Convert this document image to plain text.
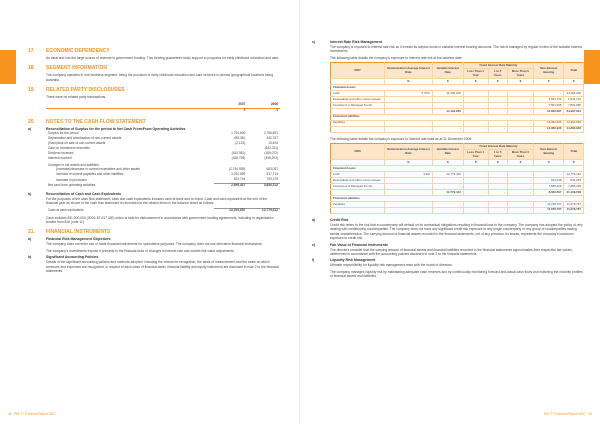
17.	ECONOMIC DEPENDENCY
An ideal and into the large source of revenue is government funding. This funding guarantees study support to programs for early childhood education and care.
18.	SEGMENT INFORMATION
The company operates in one business segment, being the provision of early childhood education and care services in diverse geographical locations being Australia.
19.	RELATED PARTY DISCLOSURES
There were no related party transactions.
	2007	2006
	$	$
20.	NOTES TO THE CASH FLOW STATEMENT
a)	Reconciliation of Surplus for the period to Net Cash From/From Operating Activities
Surplus for the period	1,794,600	2,766,891
Depreciation and amortisation of non-current assets	495,361	442,767
(Gain)/loss on sale of non-current assets	(2,123)	15,494
Gain on investment securities	-	(542,311)
Dividend received	(610,981)	(165,072)
Interest received	(428,795)	(398,203)
Changes in net assets and liabilities		
(Increase)/decrease in current receivables and other assets	(2,744,935)	663,057
Increase in current payables and other liabilities	3,242,899	817,714
Increase in provisions	623,744	709,375
Net cash from operating activities	2,659,427	3,840,212
b)	Reconciliation of Cash and Cash Equivalents
For the purposes of the cash flow statement, cash and cash equivalents includes cash at bank and on hand. Cash and cash equivalent at the end of the financial year as shown in the cash flow statement is reconciled to the related items in the balance sheet as follows:
Cash at cash equivalents	14,194,200	12,779,412
Cash includes $11,000,000 (2006: $7,617,420) which is held for disbursement in accordance with government funding agreements, including in organisation funded from $16 (note 11).
21.	FINANCIAL INSTRUMENTS
a)	Financial Risk Management Objectives
The company does not enter into or trade financial instruments for speculative purposes. The company does not use derivative financial instruments.
The company's investments expose it primarily to the financial risks of changes in interest rate and market risk value adjustments.
b)	Significant Accounting Policies
Details of the significant accounting policies and methods adopted, including the criteria for recognition, the basis of measurement and the basis on which revenues and expenses are recognised, in respect of each class of financial asset, financial liability and equity instrument are disclosed in note 2 to the financial statements.
34 RIS·T'i P Annual Report 2007
c)	Interest Rate Risk Management
The company is exposed to interest rate risk as it invests its surplus funds in variable interest bearing accounts. The risk is managed by regular review of the suitable interest investments.
The following table details the company's exposure to interest rate risk at the balance date:
2007	Remuneration Average Interest Rate	Variable Interest Rate	Fixed Interest Rate Maturity			Non-Interest Bearing	Total
			Less Than 1 Year	1 to 5 Years	More Than 5 Years		
	%	$	$	$	$	$	$
Financial Assets							
Cash	6.37%	14,194,200	-	-	-	-	14,194,200
Receivables and other current assets	-	-	-	-	-	2,941,722	2,941,722
Investment in Managed Funds	-	-	-	-	-	7,861,665	7,861,665
		14,194,200	-	-	-	10,803,387	24,997,601
Financial Liabilities							
Payables	-	-	-	-	-	14,362,946	14,362,946
		-	-	-	-	14,362,946	14,362,946
The following table details the company's exposure to interest rate risks as at 31 December 2006:
2006	Remuneration Average Interest Rate	Variable Interest Rate	Fixed Interest Rate Maturity			Non-Interest Bearing	Total
			Less Than 1 Year	1 to 5 Years	More Than 5 Years		
	%	$	$	$	$	$	$
Financial Assets							
Cash	4.9%	12,779,412	-	-	-	-	12,779,412
Receivables and other current assets	-	-	-	-	-	644,245	644,245
Investment in Managed Funds	-	-	-	-	-	7,685,325	7,685,325
		12,779,412	-	-	-	8,329,597	21,109,009
Financial Liabilities							
Payables	-	-	-	-	-	11,078,767	11,078,767
		-	-	-	-	11,078,767	11,078,767
d)	Credit Risk
Credit risk refers to the risk that a counterparty will default on its contractual obligations resulting in financial loss to the company. The company has adopted the policy of only dealing with creditworthy counterparties. The company does not have any significant credit risk exposure to any single counterparty or any group of counterparties having similar characteristics. The carrying amount of financial assets recorded in the financial statements, net of any provision for losses, represents the company's maximum exposure to credit risk.
e)	Fair Value of Financial Instruments
The directors consider that the carrying amount of financial assets and financial liabilities recorded in the financial statements approximates their respective fair values, determined in accordance with the accounting policies disclosed in note 2 to the financial statements.
f)	Liquidity Risk Management
Ultimate responsibility for liquidity risk management rests with the board of directors.
The company manages liquidity risk by maintaining adequate cash reserves and by continuously monitoring forecast and actual cash flows and matching the maturity profiles of financial assets and liabilities.
RIS·T'i P Annual Report 2007 35
